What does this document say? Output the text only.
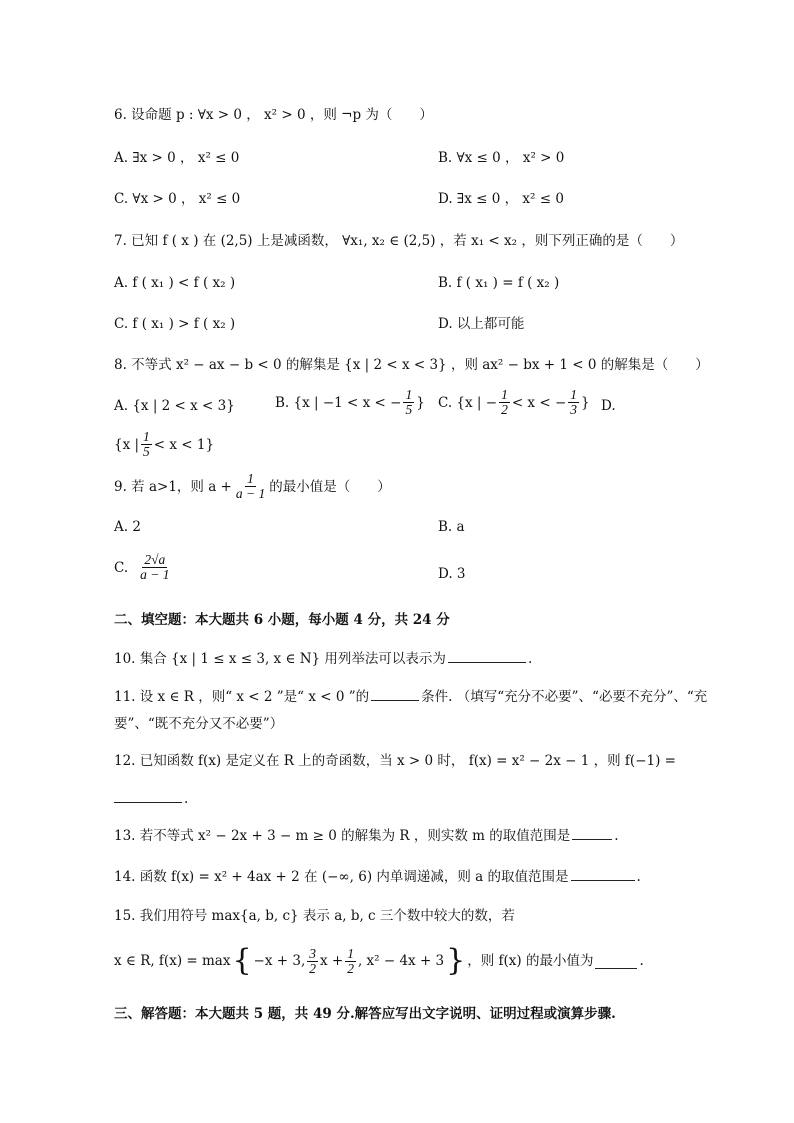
6. 设命题 p : ∀x > 0 ， x² > 0 ，则 ¬p 为（　　）
A. ∃x > 0 ， x² ≤ 0	B. ∀x ≤ 0 ， x² > 0
C. ∀x > 0 ， x² ≤ 0	D. ∃x ≤ 0 ， x² ≤ 0
7. 已知 f ( x ) 在 (2,5) 上是减函数， ∀x₁, x₂ ∈ (2,5) ，若 x₁ < x₂ ，则下列正确的是（　　）
A. f ( x₁ ) < f ( x₂ )	B. f ( x₁ ) = f ( x₂ )
C. f ( x₁ ) > f ( x₂ )	D. 以上都可能
8. 不等式 x² − ax − b < 0 的解集是 {x | 2 < x < 3} ，则 ax² − bx + 1 < 0 的解集是（　　）
A. {x | 2 < x < 3}	B. {x | −1 < x < − $\frac{1}{5}$ } C. {x | − $\frac{1}{2} < x$ < − $\frac{1}{3}$ } D.
{x | $\frac{1}{5} < x < 1$}
9. 若 a>1，则 $a + \frac{1}{a - 1}$ 的最小值是（　　）
A. 2	B. a
C. $\frac{2√a}{a - 1}$	D. 3
二、填空题：本大题共 6 小题，每小题 4 分，共 24 分
10. 集合 {x | 1 ≤ x ≤ 3, x ∈ N} 用列举法可以表示为	.
11. 设 x ∈ R ，则“ x < 2 ”是“ x < 0 ”的	条件. （填写“充分不必要”、“必要不充分”、“充
要”、“既不充分又不必要”）
12. 已知函数 f(x) 是定义在 R 上的奇函数，当 x > 0 时， f(x) = x² − 2x − 1 ，则 f(−1) =
.
13. 若不等式 x² − 2x + 3 − m ≥ 0 的解集为 R ，则实数 m 的取值范围是	.
14. 函数 f(x) = x² + 4ax + 2 在 (−∞, 6) 内单调递减，则 a 的取值范围是	.
15. 我们用符号 max{a, b, c} 表示 a, b, c 三个数中较大的数，若
x ∈ R, f(x) = max { −x + 3, $\frac{3}{2}$ $x + \frac{1}{2}$ , x² − 4x + 3 } ，则 f(x) 的最小值为	.
三、解答题：本大题共 5 题，共 49 分.解答应写出文字说明、证明过程或演算步骤.
